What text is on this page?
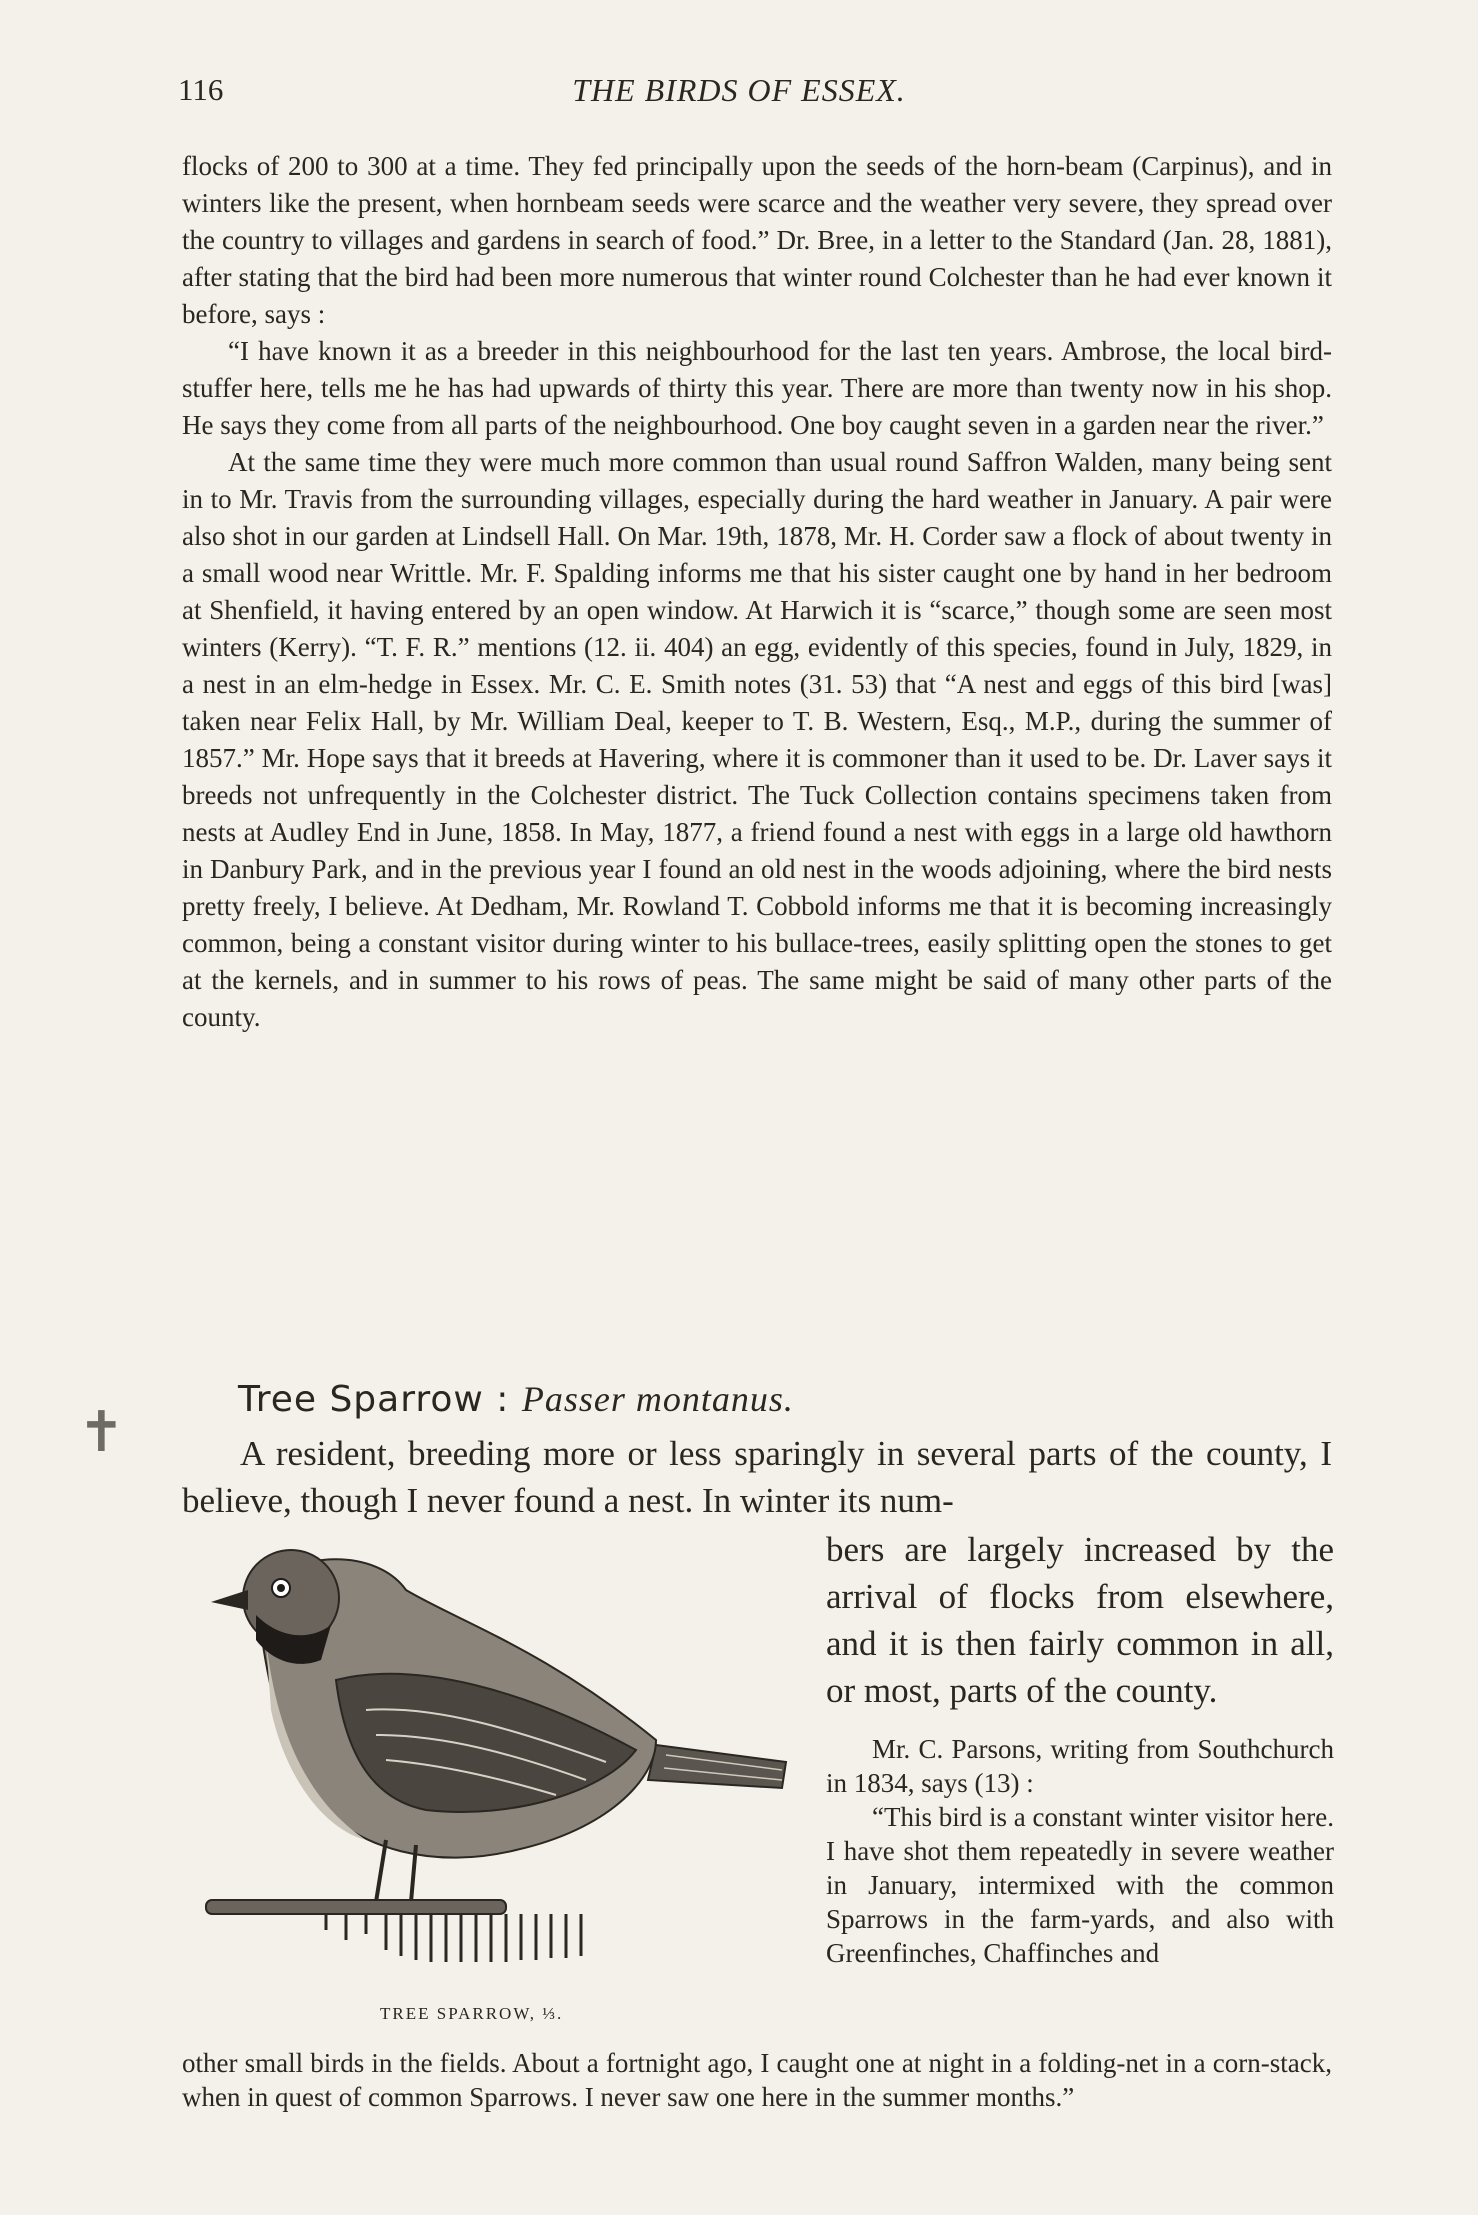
116	THE BIRDS OF ESSEX.

flocks of 200 to 300 at a time. They fed principally upon the seeds of the horn-beam (Carpinus), and in winters like the present, when hornbeam seeds were scarce and the weather very severe, they spread over the country to villages and gardens in search of food.” Dr. Bree, in a letter to the Standard (Jan. 28, 1881), after stating that the bird had been more numerous that winter round Colchester than he had ever known it before, says :

“I have known it as a breeder in this neighbourhood for the last ten years. Ambrose, the local bird-stuffer here, tells me he has had upwards of thirty this year. There are more than twenty now in his shop. He says they come from all parts of the neighbourhood. One boy caught seven in a garden near the river.”

At the same time they were much more common than usual round Saffron Walden, many being sent in to Mr. Travis from the surrounding villages, especially during the hard weather in January. A pair were also shot in our garden at Lindsell Hall. On Mar. 19th, 1878, Mr. H. Corder saw a flock of about twenty in a small wood near Writtle. Mr. F. Spalding informs me that his sister caught one by hand in her bedroom at Shenfield, it having entered by an open window. At Harwich it is “scarce,” though some are seen most winters (Kerry). “T. F. R.” mentions (12. ii. 404) an egg, evidently of this species, found in July, 1829, in a nest in an elm-hedge in Essex. Mr. C. E. Smith notes (31. 53) that “A nest and eggs of this bird [was] taken near Felix Hall, by Mr. William Deal, keeper to T. B. Western, Esq., M.P., during the summer of 1857.” Mr. Hope says that it breeds at Havering, where it is commoner than it used to be. Dr. Laver says it breeds not unfrequently in the Colchester district. The Tuck Collection contains specimens taken from nests at Audley End in June, 1858. In May, 1877, a friend found a nest with eggs in a large old hawthorn in Danbury Park, and in the previous year I found an old nest in the woods adjoining, where the bird nests pretty freely, I believe. At Dedham, Mr. Rowland T. Cobbold informs me that it is becoming increasingly common, being a constant visitor during winter to his bullace-trees, easily splitting open the stones to get at the kernels, and in summer to his rows of peas. The same might be said of many other parts of the county.

✝
Tree Sparrow : Passer montanus.
A resident, breeding more or less sparingly in several parts of the county, I believe, though I never found a nest. In winter its num-
TREE SPARROW, ⅓.
bers are largely increased by the arrival of flocks from elsewhere, and it is then fairly common in all, or most, parts of the county.

Mr. C. Parsons, writing from Southchurch in 1834, says (13) :

“This bird is a constant winter visitor here. I have shot them repeatedly in severe weather in January, intermixed with the common Sparrows in the farm-yards, and also with Greenfinches, Chaffinches and

other small birds in the fields. About a fortnight ago, I caught one at night in a folding-net in a corn-stack, when in quest of common Sparrows. I never saw one here in the summer months.”
